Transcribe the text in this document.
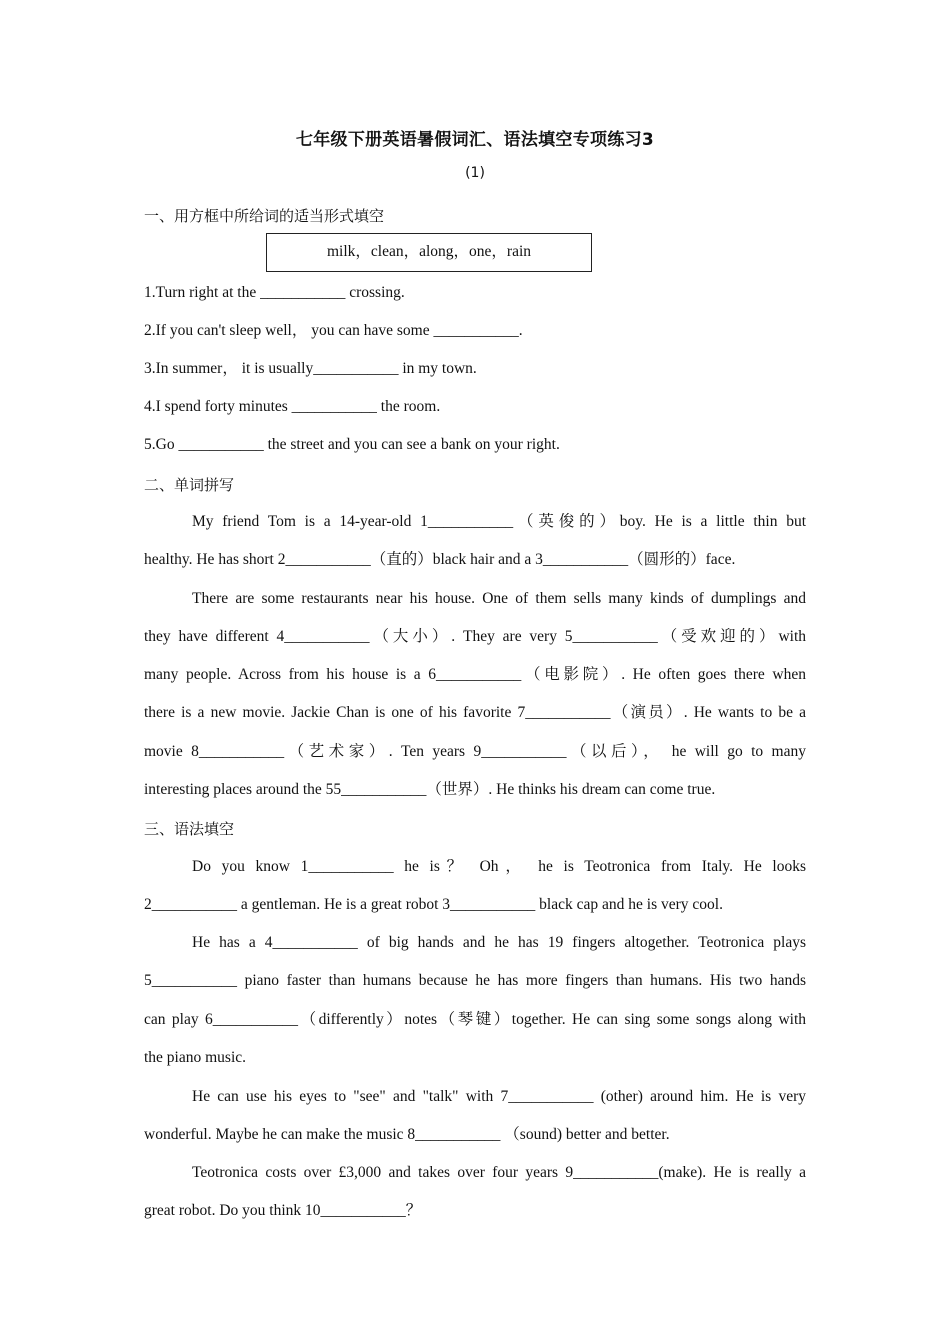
七年级下册英语暑假词汇、语法填空专项练习3
(1)
一、用方框中所给词的适当形式填空
milk，clean，along，one，rain
1.Turn right at the ___________ crossing.
2.If you can't sleep well， you can have some ___________.
3.In summer， it is usually___________ in my town.
4.I spend forty minutes ___________ the room.
5.Go ___________ the street and you can see a bank on your right.
二、单词拼写
My friend Tom is a 14-year-old 1___________（英俊的）boy. He is a little thin but
healthy. He has short 2___________（直的）black hair and a 3___________（圆形的）face.
There are some restaurants near his house. One of them sells many kinds of dumplings and
they have different 4___________（大小）. They are very 5___________（受欢迎的）with
many people. Across from his house is a 6___________（电影院）. He often goes there when
there is a new movie. Jackie Chan is one of his favorite 7___________（演员）. He wants to be a
movie 8___________（艺术家）. Ten years 9___________（以后）， he will go to many
interesting places around the 55___________（世界）. He thinks his dream can come true.
三、语法填空
Do you know 1___________ he is？ Oh， he is Teotronica from Italy. He looks
2___________ a gentleman. He is a great robot 3___________ black cap and he is very cool.
He has a 4___________ of big hands and he has 19 fingers altogether. Teotronica plays
5___________ piano faster than humans because he has more fingers than humans. His two hands
can play 6___________（differently）notes（琴键）together. He can sing some songs along with
the piano music.
He can use his eyes to "see" and "talk" with 7___________ (other) around him. He is very
wonderful. Maybe he can make the music 8___________ （sound) better and better.
Teotronica costs over £3,000 and takes over four years 9___________(make). He is really a
great robot. Do you think 10___________？
